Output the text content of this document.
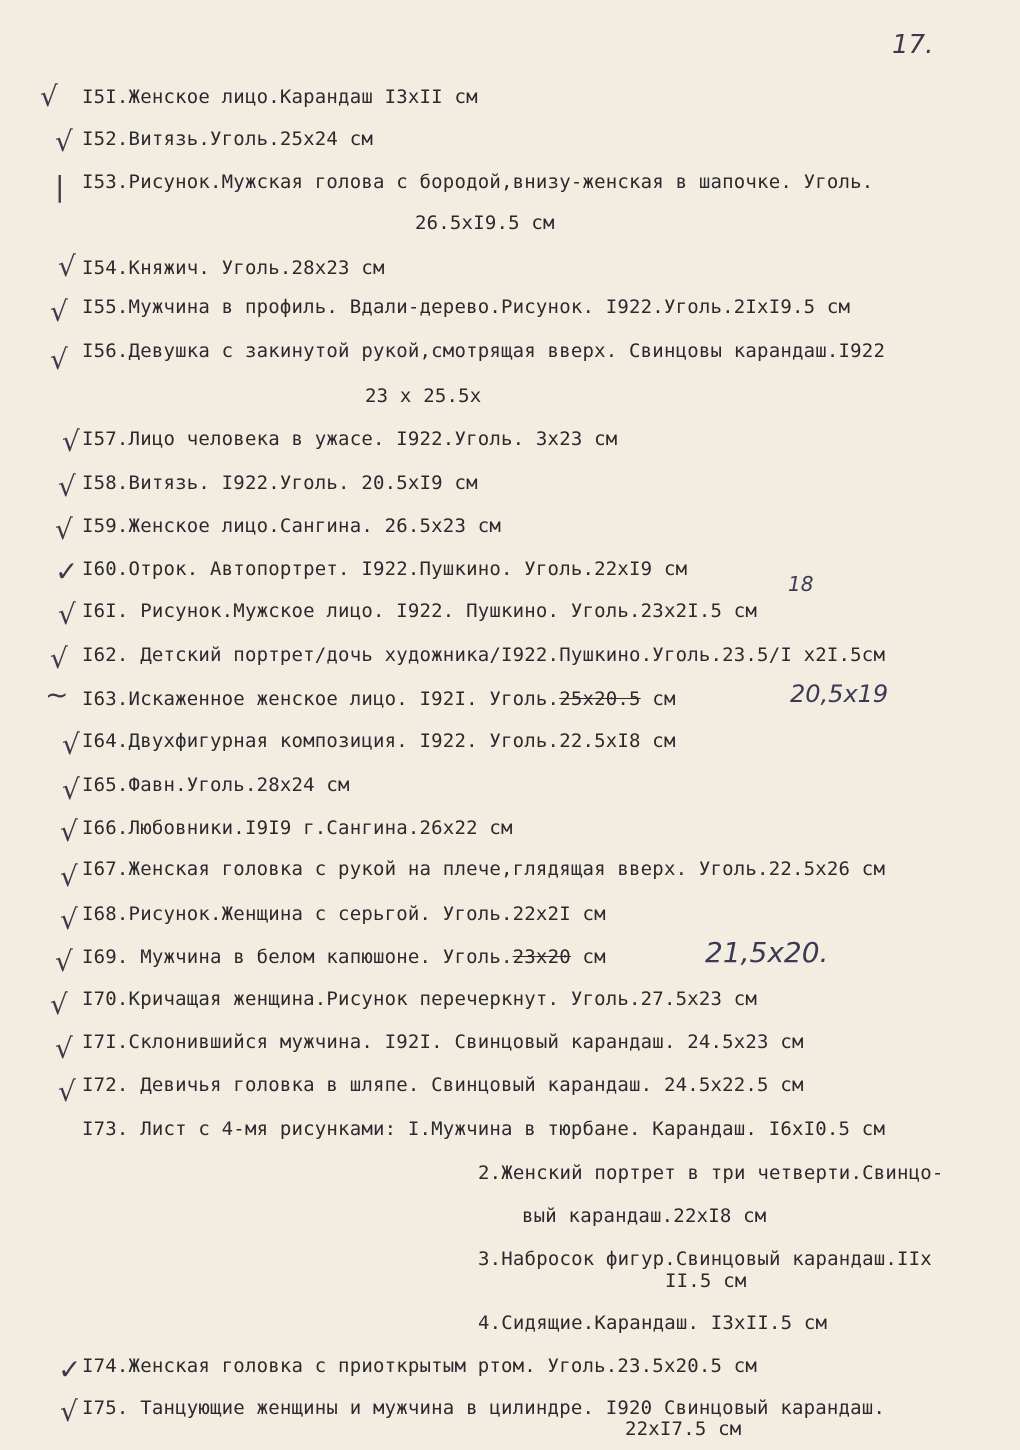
17.
√
√
|
√
√
√
√
√
√
✓
√
√
~
√
√
√
√
√
√
√
√
√
✓
√
I5I.Женское лицо.Карандаш I3xII см
I52.Витязь.Уголь.25x24 см
I53.Рисунок.Мужская голова с бородой,внизу-женская в шапочке. Уголь.
26.5xI9.5 см
I54.Княжич. Уголь.28x23 см
I55.Мужчина в профиль. Вдали-дерево.Рисунок. I922.Уголь.2IxI9.5 см
I56.Девушка с закинутой рукой,смотрящая вверх. Свинцовы карандаш.I922
23 x 25.5x
I57.Лицо человека в ужасе. I922.Уголь. 3x23 см
I58.Витязь. I922.Уголь. 20.5xI9 см
I59.Женское лицо.Сангина. 26.5x23 см
I60.Отрок. Автопортрет. I922.Пушкино. Уголь.22xI9 см
I6I. Рисунок.Мужское лицо. I922. Пушкино. Уголь.23x2I.5 см
I62. Детский портрет/дочь художника/I922.Пушкино.Уголь.23.5/I x2I.5см
I63.Искаженное женское лицо. I92I. Уголь.25x20.5 см
I64.Двухфигурная композиция. I922. Уголь.22.5xI8 см
I65.Фавн.Уголь.28x24 см
I66.Любовники.I9I9 г.Сангина.26x22 см
I67.Женская головка с рукой на плече,глядящая вверх. Уголь.22.5x26 см
I68.Рисунок.Женщина с серьгой. Уголь.22x2I см
I69. Мужчина в белом капюшоне. Уголь.23x20 см
I70.Кричащая женщина.Рисунок перечеркнут. Уголь.27.5x23 см
I7I.Склонившийся мужчина. I92I. Свинцовый карандаш. 24.5x23 см
I72. Девичья головка в шляпе. Свинцовый карандаш. 24.5x22.5 см
I73. Лист с 4-мя рисунками: I.Мужчина в тюрбане. Карандаш. I6xI0.5 см
2.Женский портрет в три четверти.Свинцо-
вый карандаш.22xI8 см
3.Набросок фигур.Свинцовый карандаш.IIx
II.5 см
4.Сидящие.Карандаш. I3xII.5 см
I74.Женская головка с приоткрытым ртом. Уголь.23.5x20.5 см
I75. Танцующие женщины и мужчина в цилиндре. I920 Свинцовый карандаш.
22xI7.5 см
18
20,5x19
21,5x20.
